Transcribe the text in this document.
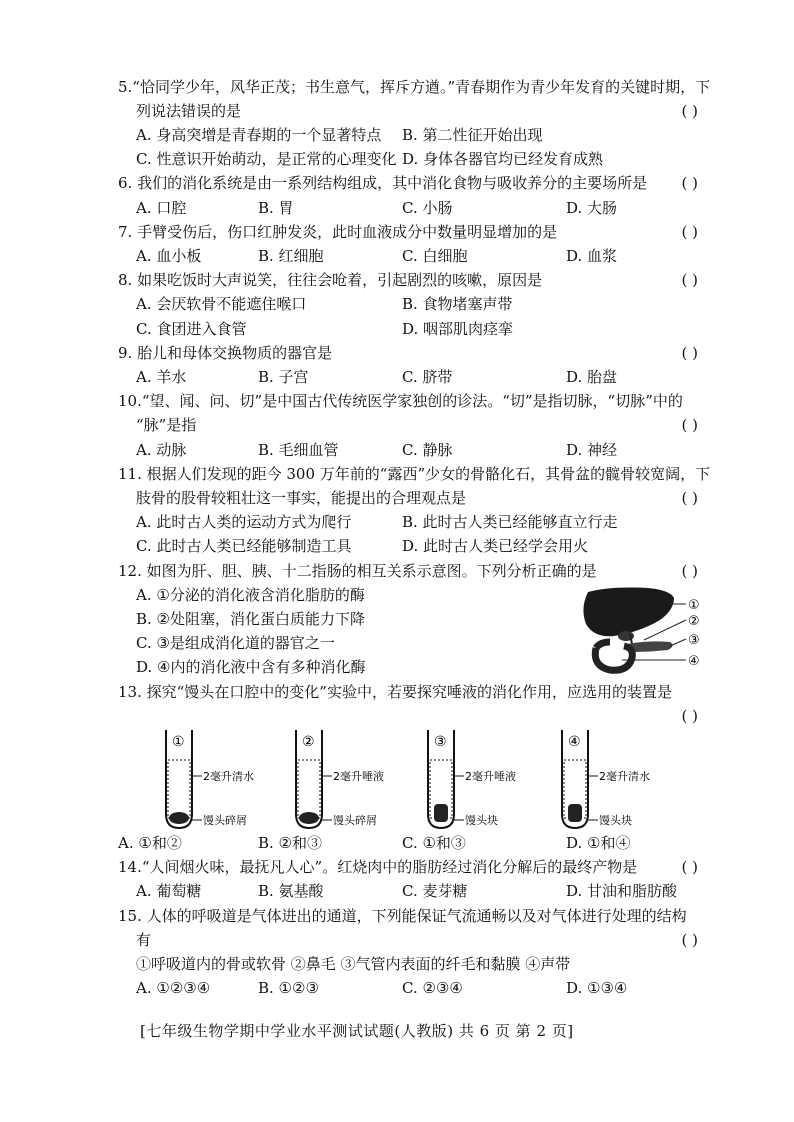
5.“恰同学少年，风华正茂；书生意气，挥斥方遒。”青春期作为青少年发育的关键时期，下
列说法错误的是	( )
A. 身高突增是青春期的一个显著特点 B. 第二性征开始出现
C. 性意识开始萌动，是正常的心理变化 D. 身体各器官均已经发育成熟
6. 我们的消化系统是由一系列结构组成，其中消化食物与吸收养分的主要场所是 ( )
A. 口腔	B. 胃	C. 小肠	D. 大肠
7. 手臂受伤后，伤口红肿发炎，此时血液成分中数量明显增加的是	( )
A. 血小板	B. 红细胞	C. 白细胞	D. 血浆
8. 如果吃饭时大声说笑，往往会呛着，引起剧烈的咳嗽，原因是	( )
A. 会厌软骨不能遮住喉口	B. 食物堵塞声带
C. 食团进入食管	D. 咽部肌肉痉挛
9. 胎儿和母体交换物质的器官是	( )
A. 羊水	B. 子宫	C. 脐带	D. 胎盘
10.“望、闻、问、切”是中国古代传统医学家独创的诊法。“切”是指切脉，“切脉”中的
“脉”是指	( )
A. 动脉	B. 毛细血管	C. 静脉	D. 神经
11. 根据人们发现的距今 300 万年前的“露西”少女的骨骼化石，其骨盆的髋骨较宽阔，下
肢骨的股骨较粗壮这一事实，能提出的合理观点是	( )
A. 此时古人类的运动方式为爬行	B. 此时古人类已经能够直立行走
C. 此时古人类已经能够制造工具	D. 此时古人类已经学会用火
12. 如图为肝、胆、胰、十二指肠的相互关系示意图。下列分析正确的是	( )
A. ①分泌的消化液含消化脂肪的酶
B. ②处阻塞，消化蛋白质能力下降
C. ③是组成消化道的器官之一
D. ④内的消化液中含有多种消化酶
①
②
③
④
13. 探究“馒头在口腔中的变化”实验中，若要探究唾液的消化作用，应选用的装置是
( )
①
2毫升清水
馒头碎屑
②
2毫升唾液
馒头碎屑
③
2毫升唾液
馒头块
④
2毫升清水
馒头块
A. ①和②	B. ②和③	C. ①和③	D. ①和④
14.“人间烟火味，最抚凡人心”。红烧肉中的脂肪经过消化分解后的最终产物是	( )
A. 葡萄糖	B. 氨基酸	C. 麦芽糖	D. 甘油和脂肪酸
15. 人体的呼吸道是气体进出的通道，下列能保证气流通畅以及对气体进行处理的结构
有	( )
①呼吸道内的骨或软骨 ②鼻毛 ③气管内表面的纤毛和黏膜 ④声带
A. ①②③④	B. ①②③	C. ②③④	D. ①③④
[七年级生物学期中学业水平测试试题(人教版) 共 6 页 第 2 页]
